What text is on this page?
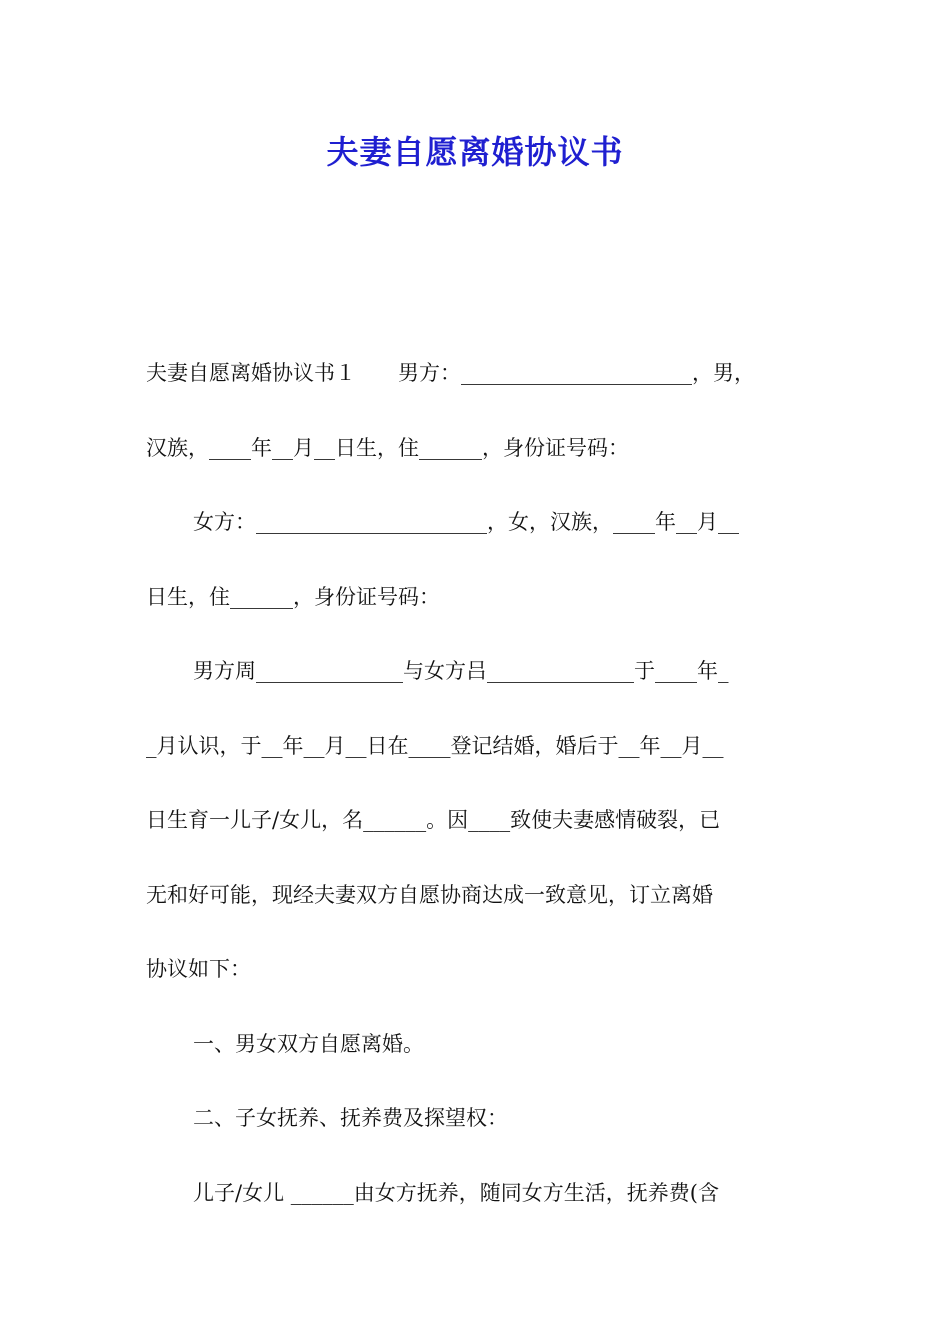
夫妻自愿离婚协议书

夫妻自愿离婚协议书１　　男方：______________________，男，

汉族，____年__月__日生，住______，身份证号码：

女方：______________________，女，汉族，____年__月__

日生，住______，身份证号码：

男方周______________与女方吕______________于____年_

_月认识，于__年__月__日在____登记结婚，婚后于__年__月__

日生育一儿子/女儿，名______。因____致使夫妻感情破裂，已

无和好可能，现经夫妻双方自愿协商达成一致意见，订立离婚

协议如下：

一、男女双方自愿离婚。

二、子女抚养、抚养费及探望权：

儿子/女儿 ______由女方抚养，随同女方生活，抚养费(含
